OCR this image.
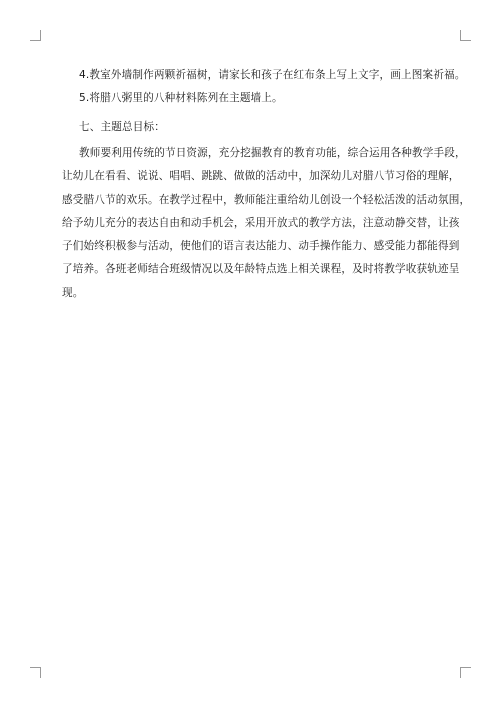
4.教室外墙制作两颗祈福树，请家长和孩子在红布条上写上文字，画上图案祈福。
5.将腊八粥里的八种材料陈列在主题墙上。
七、主题总目标：
教师要利用传统的节日资源，充分挖掘教育的教育功能，综合运用各种教学手段，
让幼儿在看看、说说、唱唱、跳跳、做做的活动中，加深幼儿对腊八节习俗的理解，
感受腊八节的欢乐。在教学过程中，教师能注重给幼儿创设一个轻松活泼的活动氛围，
给予幼儿充分的表达自由和动手机会，采用开放式的教学方法，注意动静交替，让孩
子们始终积极参与活动，使他们的语言表达能力、动手操作能力、感受能力都能得到
了培养。各班老师结合班级情况以及年龄特点选上相关课程，及时将教学收获轨迹呈
现。
